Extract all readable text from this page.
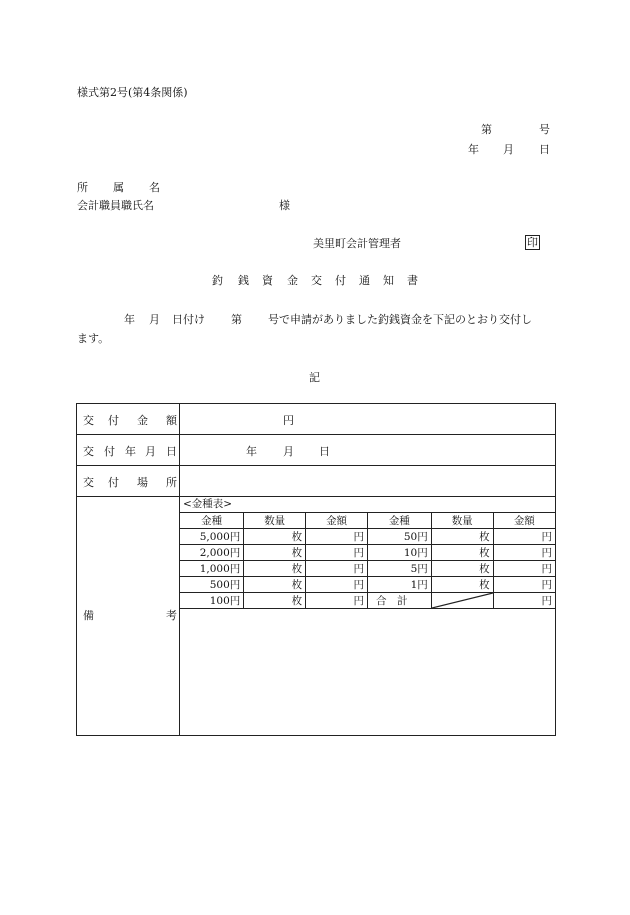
様式第2号(第4条関係)
第	号
年 月 日
所 属 名
会計職員職氏名	様
美里町会計管理者	印
釣 銭 資 金 交 付 通 知 書
年 月 日付け 第 号で申請がありました釣銭資金を下記のとおり交付し
ます。
記
交 付 金 額	円

交 付 年 月 日	年 月 日

交 付 場 所

備	考

<金種表>
金種	数量	金額	金種	数量	金額
5,000円	枚	円	50円	枚	円
2,000円	枚	円	10円	枚	円
1,000円	枚	円	5円	枚	円
500円	枚	円	1円	枚	円
100円	枚	円	合　計		円
